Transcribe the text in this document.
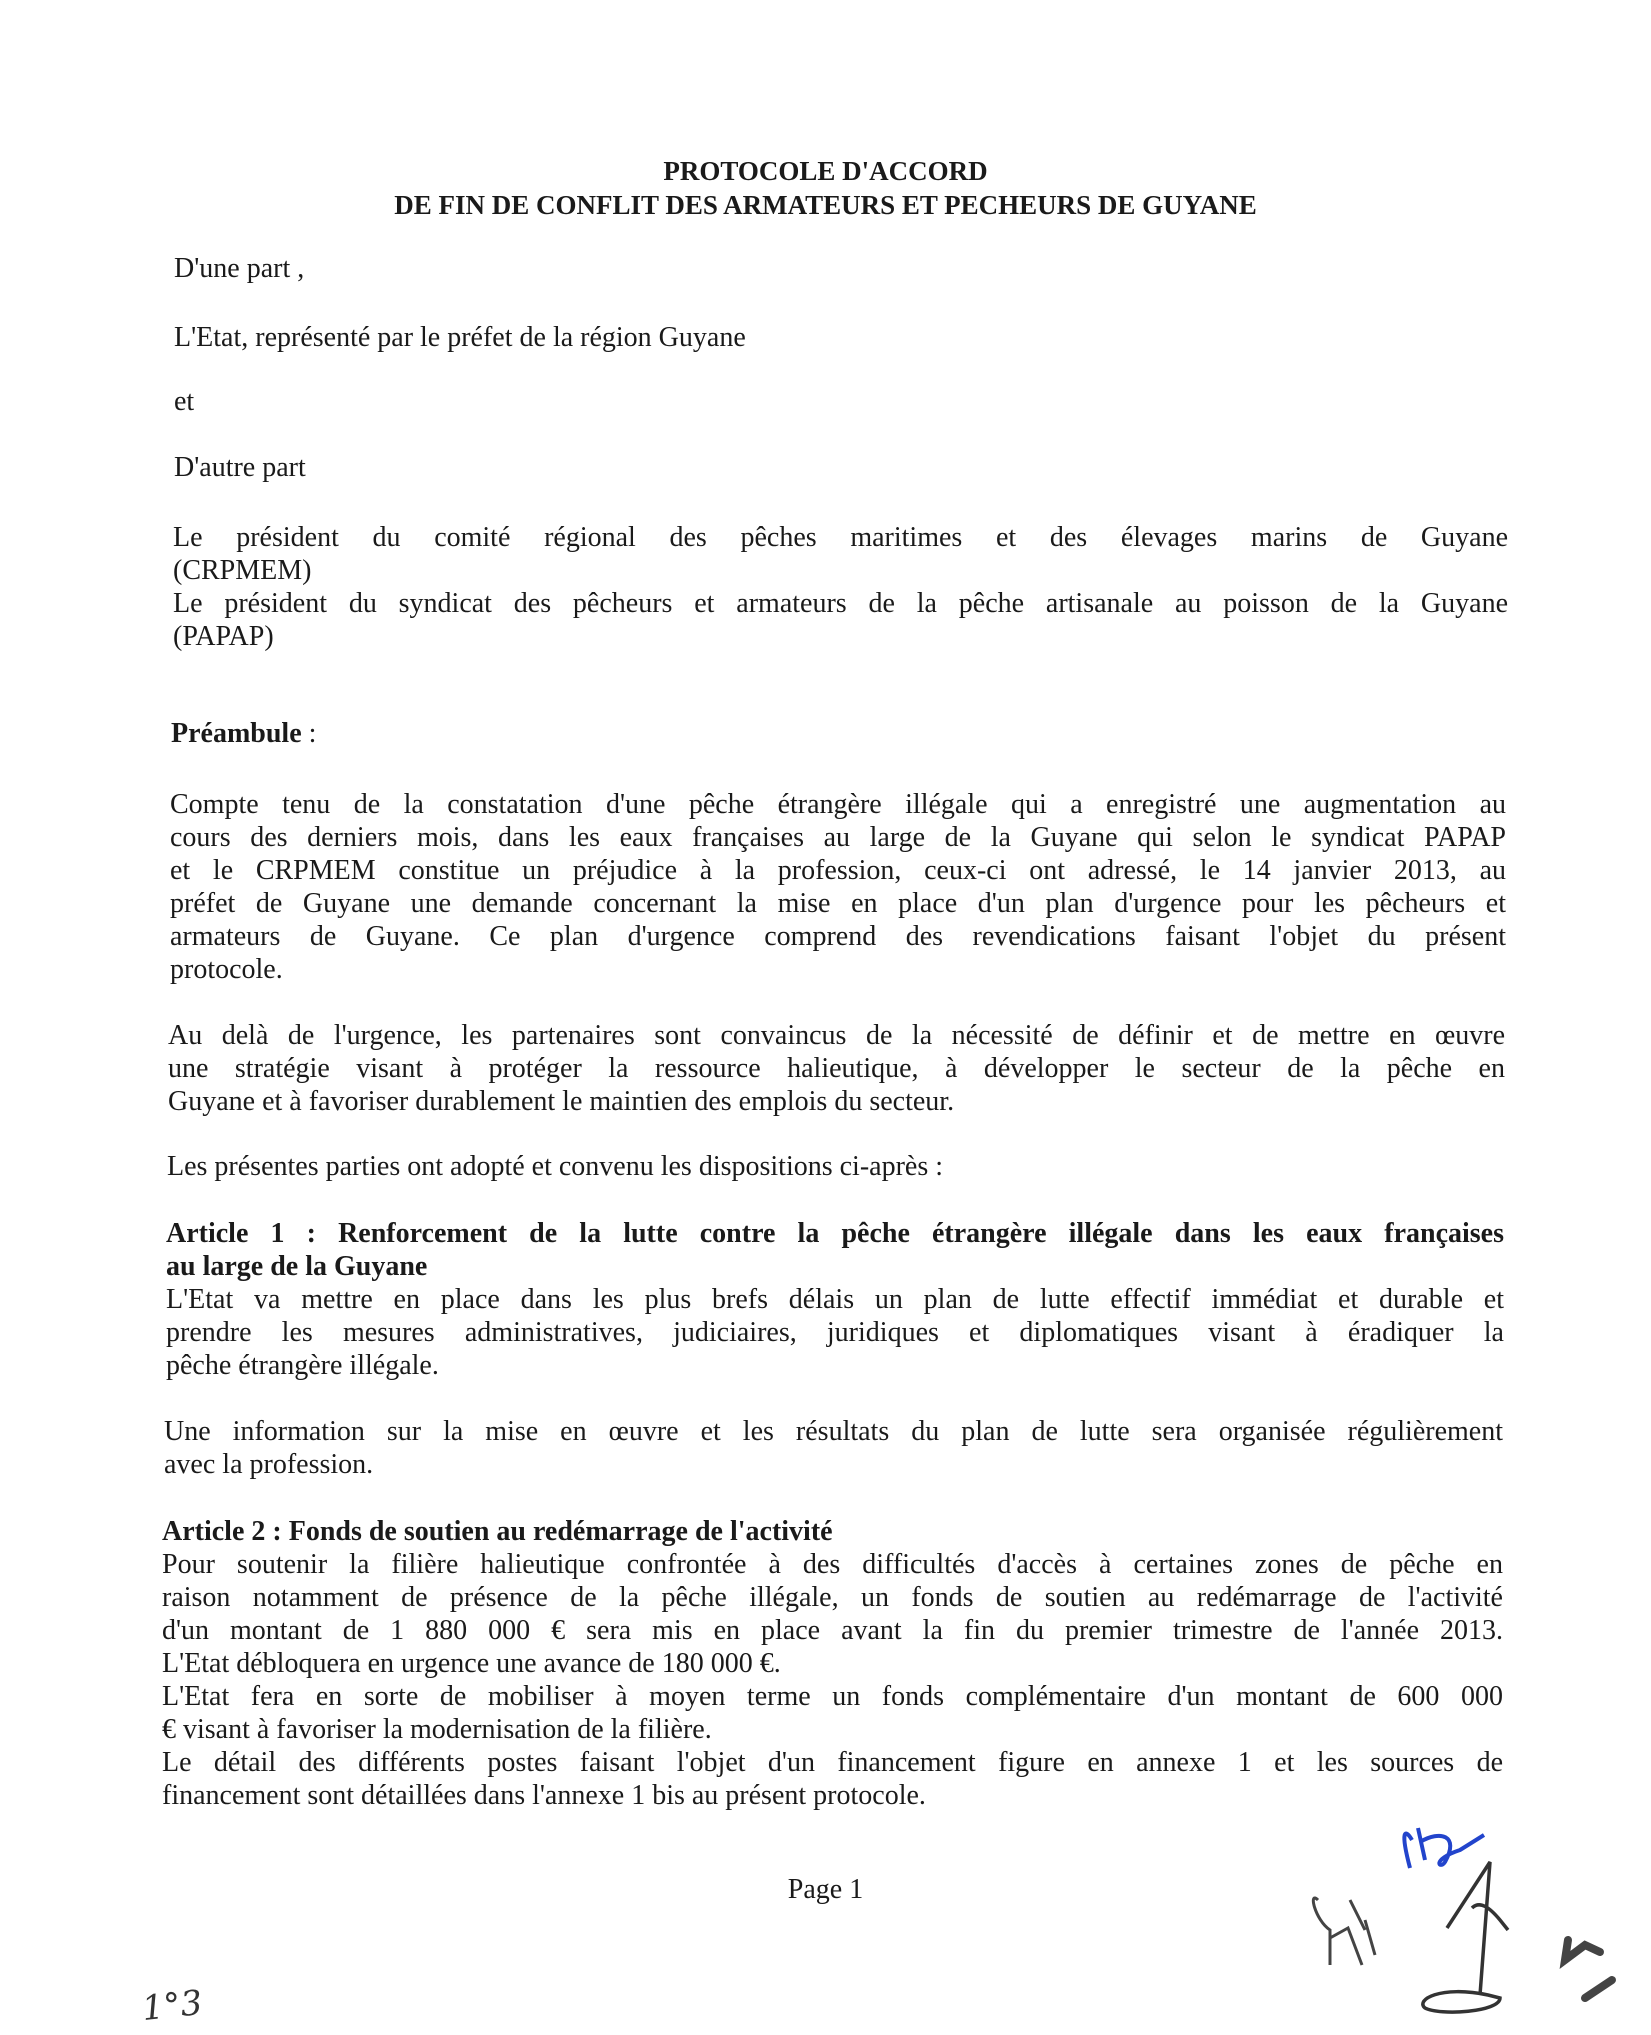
PROTOCOLE D'ACCORD
DE FIN DE CONFLIT DES ARMATEURS ET PECHEURS DE GUYANE
D'une part ,
L'Etat, représenté par le préfet de la région Guyane
et
D'autre part
Le président du comité régional des pêches maritimes et des élevages marins de Guyane
(CRPMEM)
Le président du syndicat des pêcheurs et armateurs de la pêche artisanale au poisson de la Guyane
(PAPAP)
Préambule :
Compte tenu de la constatation d'une pêche étrangère illégale qui a enregistré une augmentation au
cours des derniers mois, dans les eaux françaises au large de la Guyane qui selon le syndicat PAPAP
et le CRPMEM constitue un préjudice à la profession, ceux-ci ont adressé, le 14 janvier 2013, au
préfet de Guyane une demande concernant la mise en place d'un plan d'urgence pour les pêcheurs et
armateurs de Guyane. Ce plan d'urgence comprend des revendications faisant l'objet du présent
protocole.
Au delà de l'urgence, les partenaires sont convaincus de la nécessité de définir et de mettre en œuvre
une stratégie visant à protéger la ressource halieutique, à développer le secteur de la pêche en
Guyane et à favoriser durablement le maintien des emplois du secteur.
Les présentes parties ont adopté et convenu les dispositions ci-après :
Article 1 : Renforcement de la lutte contre la pêche étrangère illégale dans les eaux françaises
au large de la Guyane
L'Etat va mettre en place dans les plus brefs délais un plan de lutte effectif immédiat et durable et
prendre les mesures administratives, judiciaires, juridiques et diplomatiques visant à éradiquer la
pêche étrangère illégale.
Une information sur la mise en œuvre et les résultats du plan de lutte sera organisée régulièrement
avec la profession.
Article 2 : Fonds de soutien au redémarrage de l'activité
Pour soutenir la filière halieutique confrontée à des difficultés d'accès à certaines zones de pêche en
raison notamment de présence de la pêche illégale, un fonds de soutien au redémarrage de l'activité
d'un montant de 1 880 000 € sera mis en place avant la fin du premier trimestre de l'année 2013.
L'Etat débloquera en urgence une avance de 180 000 €.
L'Etat fera en sorte de mobiliser à moyen terme un fonds complémentaire d'un montant de 600 000
€ visant à favoriser la modernisation de la filière.
Le détail des différents postes faisant l'objet d'un financement figure en annexe 1 et les sources de
financement sont détaillées dans l'annexe 1 bis au présent protocole.
Page 1
1°3
